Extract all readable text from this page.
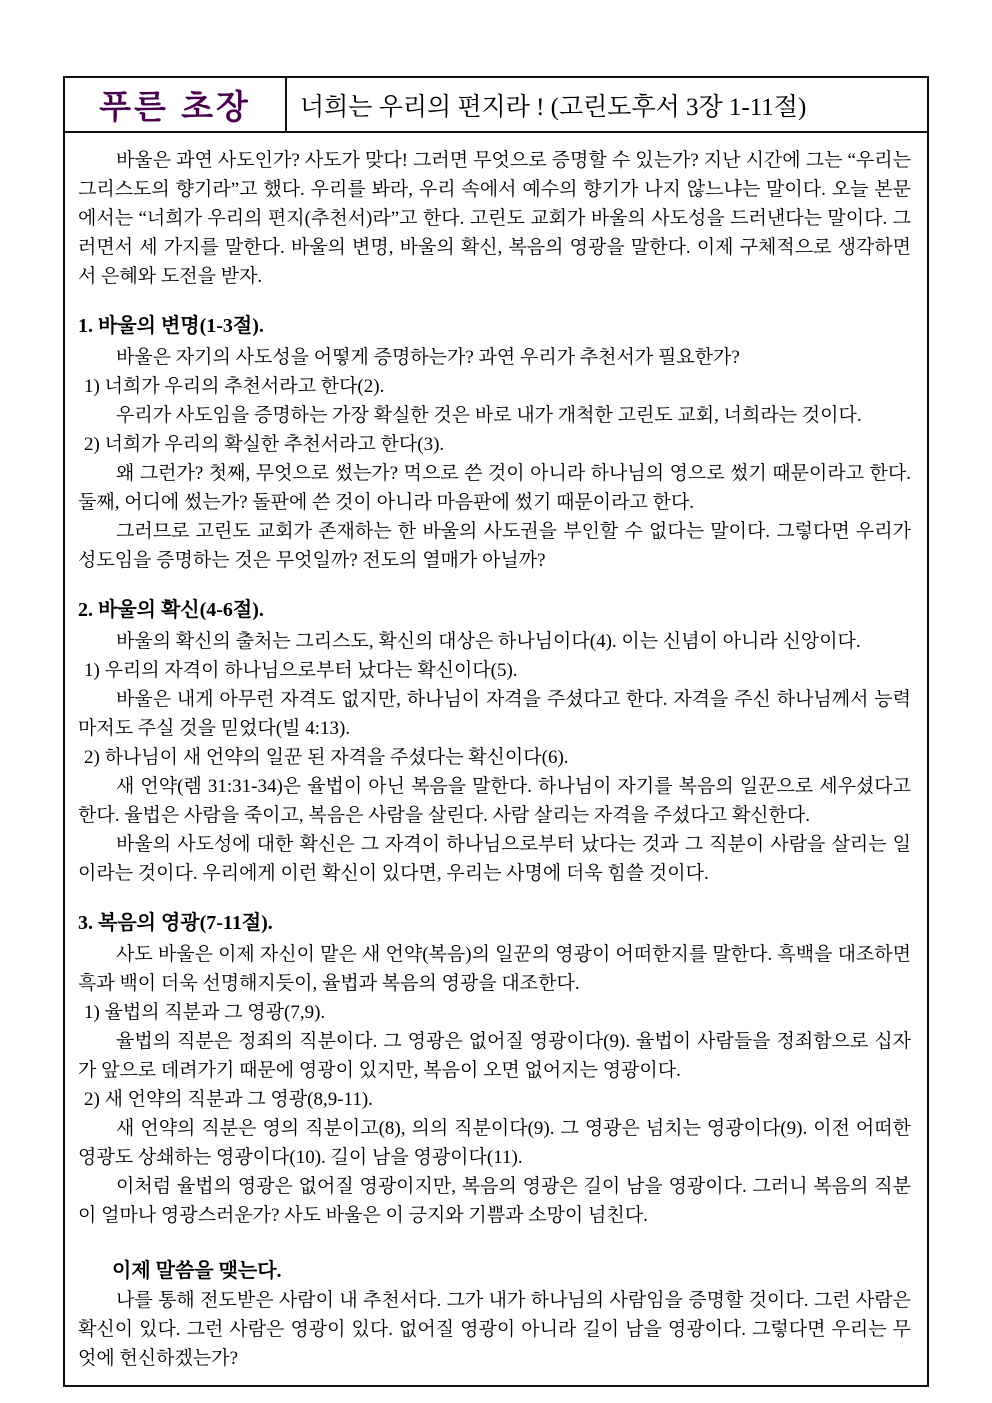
푸른 초장 너희는 우리의 편지라 ! (고린도후서 3장 1-11절)

바울은 과연 사도인가? 사도가 맞다! 그러면 무엇으로 증명할 수 있는가? 지난 시간에 그는 “우리는 그리스도의 향기라”고 했다. 우리를 봐라, 우리 속에서 예수의 향기가 나지 않느냐는 말이다. 오늘 본문에서는 “너희가 우리의 편지(추천서)라”고 한다. 고린도 교회가 바울의 사도성을 드러낸다는 말이다. 그러면서 세 가지를 말한다. 바울의 변명, 바울의 확신, 복음의 영광을 말한다. 이제 구체적으로 생각하면서 은혜와 도전을 받자.

1. 바울의 변명(1-3절).

바울은 자기의 사도성을 어떻게 증명하는가? 과연 우리가 추천서가 필요한가?

1) 너희가 우리의 추천서라고 한다(2).

우리가 사도임을 증명하는 가장 확실한 것은 바로 내가 개척한 고린도 교회, 너희라는 것이다.

2) 너희가 우리의 확실한 추천서라고 한다(3).

왜 그런가? 첫째, 무엇으로 썼는가? 먹으로 쓴 것이 아니라 하나님의 영으로 썼기 때문이라고 한다. 둘째, 어디에 썼는가? 돌판에 쓴 것이 아니라 마음판에 썼기 때문이라고 한다.

그러므로 고린도 교회가 존재하는 한 바울의 사도권을 부인할 수 없다는 말이다. 그렇다면 우리가 성도임을 증명하는 것은 무엇일까? 전도의 열매가 아닐까?

2. 바울의 확신(4-6절).

바울의 확신의 출처는 그리스도, 확신의 대상은 하나님이다(4). 이는 신념이 아니라 신앙이다.

1) 우리의 자격이 하나님으로부터 났다는 확신이다(5).

바울은 내게 아무런 자격도 없지만, 하나님이 자격을 주셨다고 한다. 자격을 주신 하나님께서 능력마저도 주실 것을 믿었다(빌 4:13).

2) 하나님이 새 언약의 일꾼 된 자격을 주셨다는 확신이다(6).

새 언약(렘 31:31-34)은 율법이 아닌 복음을 말한다. 하나님이 자기를 복음의 일꾼으로 세우셨다고 한다. 율법은 사람을 죽이고, 복음은 사람을 살린다. 사람 살리는 자격을 주셨다고 확신한다.

바울의 사도성에 대한 확신은 그 자격이 하나님으로부터 났다는 것과 그 직분이 사람을 살리는 일이라는 것이다. 우리에게 이런 확신이 있다면, 우리는 사명에 더욱 힘쓸 것이다.

3. 복음의 영광(7-11절).

사도 바울은 이제 자신이 맡은 새 언약(복음)의 일꾼의 영광이 어떠한지를 말한다. 흑백을 대조하면 흑과 백이 더욱 선명해지듯이, 율법과 복음의 영광을 대조한다.

1) 율법의 직분과 그 영광(7,9).

율법의 직분은 정죄의 직분이다. 그 영광은 없어질 영광이다(9). 율법이 사람들을 정죄함으로 십자가 앞으로 데려가기 때문에 영광이 있지만, 복음이 오면 없어지는 영광이다.

2) 새 언약의 직분과 그 영광(8,9-11).

새 언약의 직분은 영의 직분이고(8), 의의 직분이다(9). 그 영광은 넘치는 영광이다(9). 이전 어떠한 영광도 상쇄하는 영광이다(10). 길이 남을 영광이다(11).

이처럼 율법의 영광은 없어질 영광이지만, 복음의 영광은 길이 남을 영광이다. 그러니 복음의 직분이 얼마나 영광스러운가? 사도 바울은 이 긍지와 기쁨과 소망이 넘친다.

이제 말씀을 맺는다.

나를 통해 전도받은 사람이 내 추천서다. 그가 내가 하나님의 사람임을 증명할 것이다. 그런 사람은 확신이 있다. 그런 사람은 영광이 있다. 없어질 영광이 아니라 길이 남을 영광이다. 그렇다면 우리는 무엇에 헌신하겠는가?
